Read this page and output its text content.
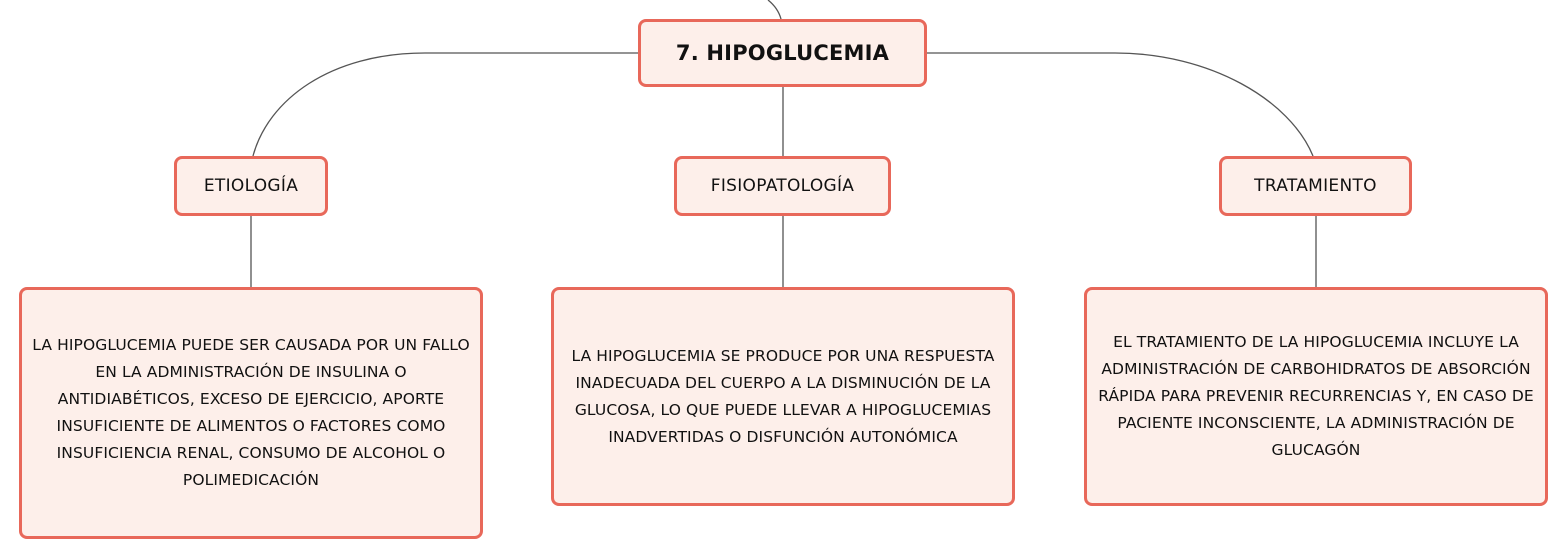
7. HIPOGLUCEMIA
ETIOLOGÍA	FISIOPATOLOGÍA	TRATAMIENTO
LA HIPOGLUCEMIA PUEDE SER CAUSADA POR UN FALLO EN LA ADMINISTRACIÓN DE INSULINA O ANTIDIABÉTICOS, EXCESO DE EJERCICIO, APORTE INSUFICIENTE DE ALIMENTOS O FACTORES COMO INSUFICIENCIA RENAL, CONSUMO DE ALCOHOL O POLIMEDICACIÓN
LA HIPOGLUCEMIA SE PRODUCE POR UNA RESPUESTA INADECUADA DEL CUERPO A LA DISMINUCIÓN DE LA GLUCOSA, LO QUE PUEDE LLEVAR A HIPOGLUCEMIAS INADVERTIDAS O DISFUNCIÓN AUTONÓMICA
EL TRATAMIENTO DE LA HIPOGLUCEMIA INCLUYE LA ADMINISTRACIÓN DE CARBOHIDRATOS DE ABSORCIÓN RÁPIDA PARA PREVENIR RECURRENCIAS Y, EN CASO DE PACIENTE INCONSCIENTE, LA ADMINISTRACIÓN DE GLUCAGÓN
